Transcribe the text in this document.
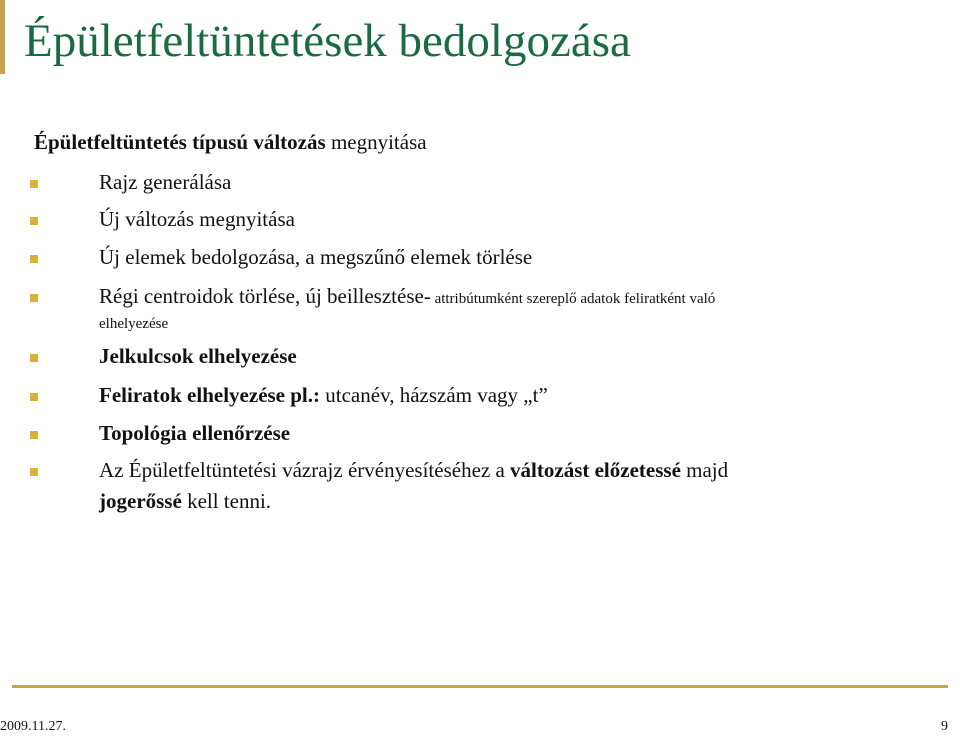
Épületfeltüntetések bedolgozása
Épületfeltüntetés típusú változás megnyitása
Rajz generálása
Új változás megnyitása
Új elemek bedolgozása, a megszűnő elemek törlése
Régi centroidok törlése, új beillesztése- attribútumként szereplő adatok feliratként való
elhelyezése
Jelkulcsok elhelyezése
Feliratok elhelyezése pl.: utcanév, házszám vagy „t”
Topológia ellenőrzése
Az Épületfeltüntetési vázrajz érvényesítéséhez a változást előzetessé majd
jogerőssé kell tenni.
2009.11.27.	9
